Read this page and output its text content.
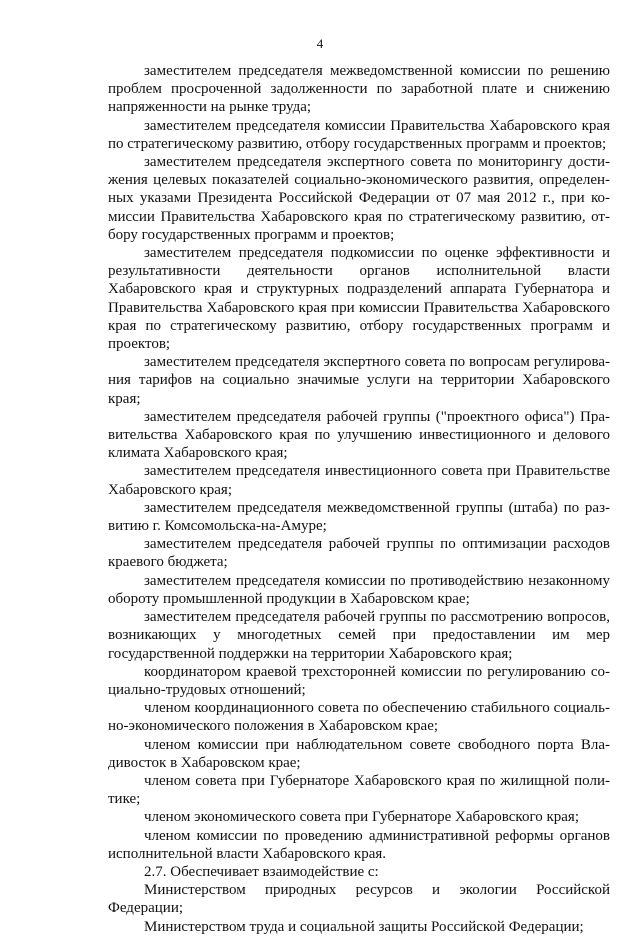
4

заместителем председателя межведомственной комиссии по решению проблем просроченной задолженности по заработной плате и снижению напряженности на рынке труда;

заместителем председателя комиссии Правительства Хабаровского края по стратегическому развитию, отбору государственных программ и проектов;

заместителем председателя экспертного совета по мониторингу достижения целевых показателей социально-экономического развития, определенных указами Президента Российской Федерации от 07 мая 2012 г., при комиссии Правительства Хабаровского края по стратегическому развитию, отбору государственных программ и проектов;

заместителем председателя подкомиссии по оценке эффективности и результативности деятельности органов исполнительной власти Хабаровского края и структурных подразделений аппарата Губернатора и Правительства Хабаровского края при комиссии Правительства Хабаровского края по стратегическому развитию, отбору государственных программ и проектов;

заместителем председателя экспертного совета по вопросам регулирования тарифов на социально значимые услуги на территории Хабаровского края;

заместителем председателя рабочей группы ("проектного офиса") Правительства Хабаровского края по улучшению инвестиционного и делового климата Хабаровского края;

заместителем председателя инвестиционного совета при Правительстве Хабаровского края;

заместителем председателя межведомственной группы (штаба) по развитию г. Комсомольска-на-Амуре;

заместителем председателя рабочей группы по оптимизации расходов краевого бюджета;

заместителем председателя комиссии по противодействию незаконному обороту промышленной продукции в Хабаровском крае;

заместителем председателя рабочей группы по рассмотрению вопросов, возникающих у многодетных семей при предоставлении им мер государственной поддержки на территории Хабаровского края;

координатором краевой трехсторонней комиссии по регулированию социально-трудовых отношений;

членом координационного совета по обеспечению стабильного социально-экономического положения в Хабаровском крае;

членом комиссии при наблюдательном совете свободного порта Владивосток в Хабаровском крае;

членом совета при Губернаторе Хабаровского края по жилищной политике;

членом экономического совета при Губернаторе Хабаровского края;

членом комиссии по проведению административной реформы органов исполнительной власти Хабаровского края.

2.7. Обеспечивает взаимодействие с:

Министерством природных ресурсов и экологии Российской Федерации;

Министерством труда и социальной защиты Российской Федерации;
